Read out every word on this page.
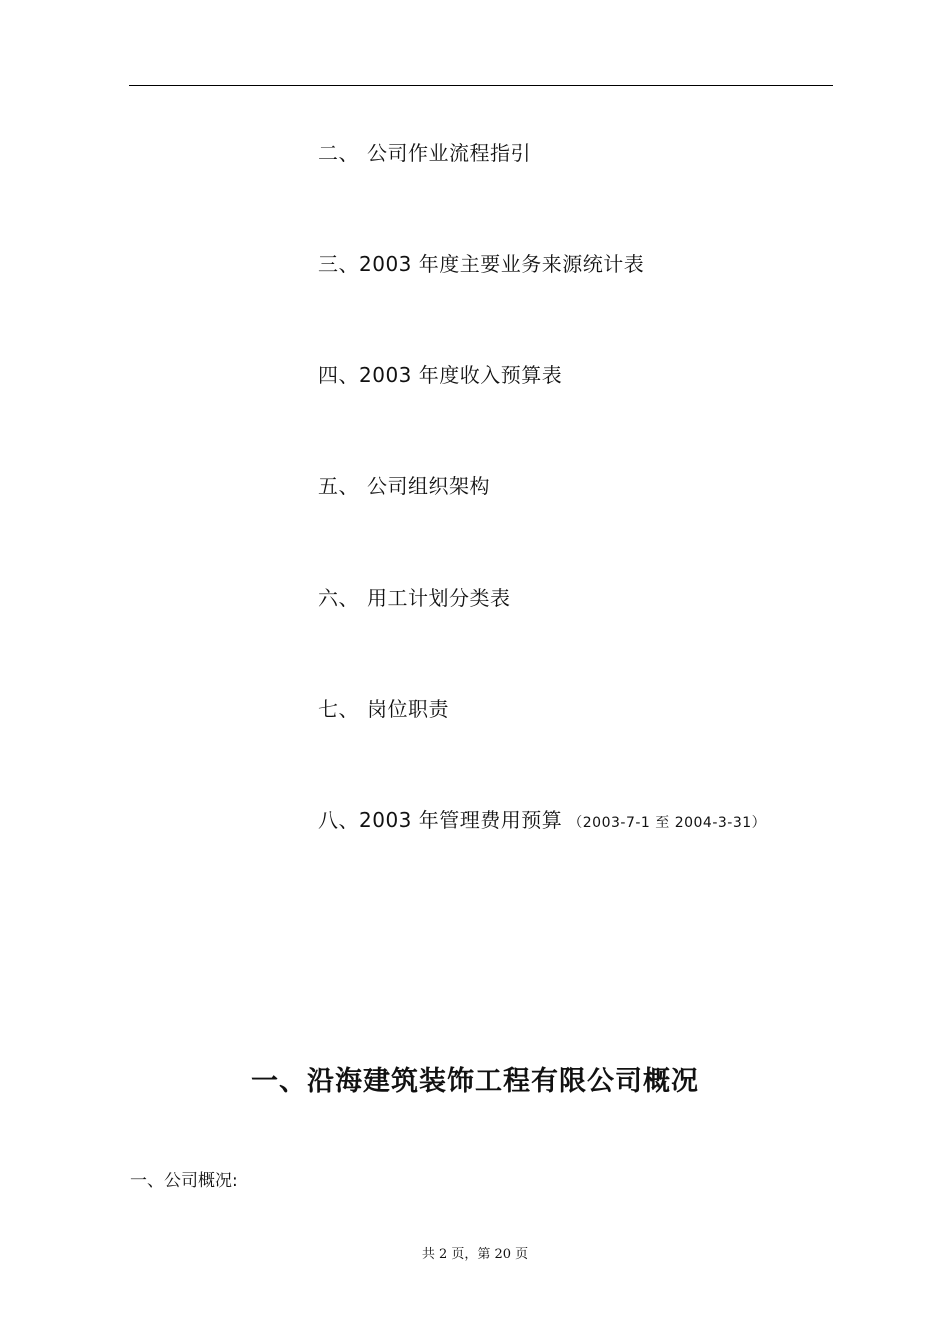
二、 公司作业流程指引
三、2003 年度主要业务来源统计表
四、2003 年度收入预算表
五、 公司组织架构
六、 用工计划分类表
七、 岗位职责
八、2003 年管理费用预算 （2003-7-1 至 2004-3-31）
一、沿海建筑装饰工程有限公司概况
一、公司概况:
共 2 页，第 20 页
